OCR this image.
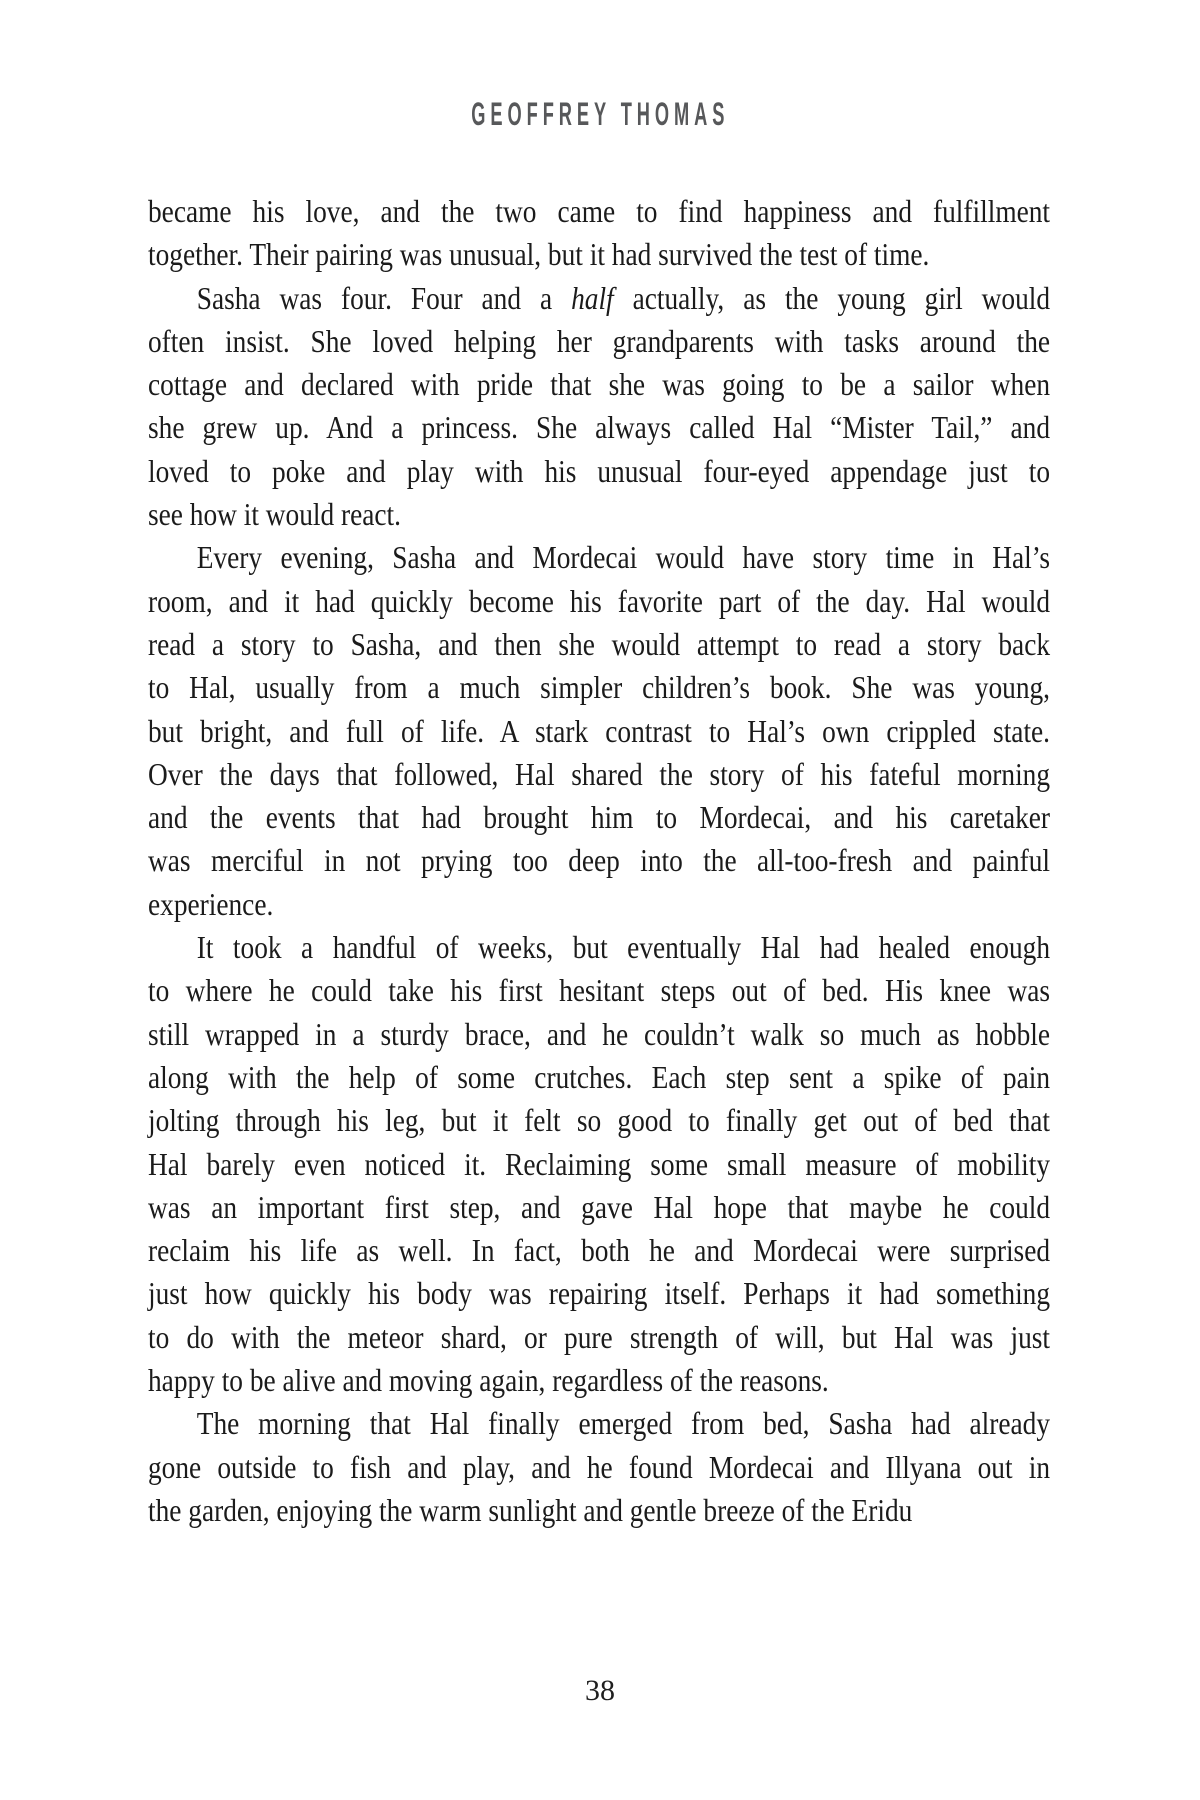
GEOFFREY THOMAS
became his love, and the two came to find happiness and fulfillment
together. Their pairing was unusual, but it had survived the test of time.
Sasha was four. Four and a half actually, as the young girl would
often insist. She loved helping her grandparents with tasks around the
cottage and declared with pride that she was going to be a sailor when
she grew up. And a princess. She always called Hal “Mister Tail,” and
loved to poke and play with his unusual four-eyed appendage just to
see how it would react.
Every evening, Sasha and Mordecai would have story time in Hal’s
room, and it had quickly become his favorite part of the day. Hal would
read a story to Sasha, and then she would attempt to read a story back
to Hal, usually from a much simpler children’s book. She was young,
but bright, and full of life. A stark contrast to Hal’s own crippled state.
Over the days that followed, Hal shared the story of his fateful morning
and the events that had brought him to Mordecai, and his caretaker
was merciful in not prying too deep into the all-too-fresh and painful
experience.
It took a handful of weeks, but eventually Hal had healed enough
to where he could take his first hesitant steps out of bed. His knee was
still wrapped in a sturdy brace, and he couldn’t walk so much as hobble
along with the help of some crutches. Each step sent a spike of pain
jolting through his leg, but it felt so good to finally get out of bed that
Hal barely even noticed it. Reclaiming some small measure of mobility
was an important first step, and gave Hal hope that maybe he could
reclaim his life as well. In fact, both he and Mordecai were surprised
just how quickly his body was repairing itself. Perhaps it had something
to do with the meteor shard, or pure strength of will, but Hal was just
happy to be alive and moving again, regardless of the reasons.
The morning that Hal finally emerged from bed, Sasha had already
gone outside to fish and play, and he found Mordecai and Illyana out in
the garden, enjoying the warm sunlight and gentle breeze of the Eridu
38
